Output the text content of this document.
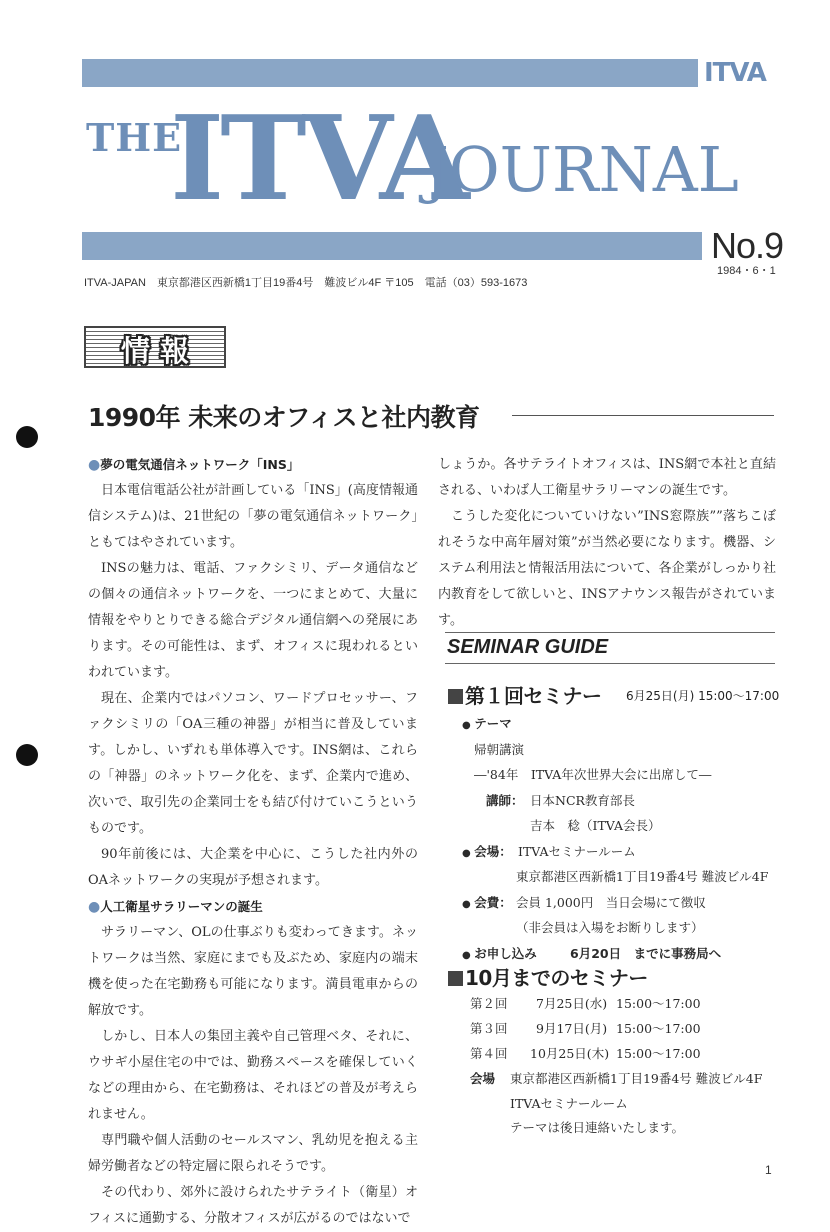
ITVA
THE
ITVA
JOURNAL
No.9
1984・6・1
ITVA-JAPAN　東京都港区西新橋1丁目19番4号　難波ビル4F 〒105　電話（03）593-1673
情報
1990年 未来のオフィスと社内教育
●夢の電気通信ネットワーク「INS」

日本電信電話公社が計画している「INS」(高度情報通信システム)は、21世紀の「夢の電気通信ネットワーク」ともてはやされています。

INSの魅力は、電話、ファクシミリ、データ通信などの個々の通信ネットワークを、一つにまとめて、大量に情報をやりとりできる総合デジタル通信網への発展にあります。その可能性は、まず、オフィスに現われるといわれています。

現在、企業内ではパソコン、ワードプロセッサー、ファクシミリの「OA三種の神器」が相当に普及しています。しかし、いずれも単体導入です。INS網は、これらの「神器」のネットワーク化を、まず、企業内で進め、次いで、取引先の企業同士をも結び付けていこうというものです。

90年前後には、大企業を中心に、こうした社内外のOAネットワークの実現が予想されます。

●人工衛星サラリーマンの誕生

サラリーマン、OLの仕事ぶりも変わってきます。ネットワークは当然、家庭にまでも及ぶため、家庭内の端末機を使った在宅勤務も可能になります。満員電車からの解放です。

しかし、日本人の集団主義や自己管理ベタ、それに、ウサギ小屋住宅の中では、勤務スペースを確保していくなどの理由から、在宅勤務は、それほどの普及が考えられません。

専門職や個人活動のセールスマン、乳幼児を抱える主婦労働者などの特定層に限られそうです。

その代わり、郊外に設けられたサテライト（衛星）オフィスに通勤する、分散オフィスが広がるのではないで

しょうか。各サテライトオフィスは、INS網で本社と直結される、いわば人工衛星サラリーマンの誕生です。

こうした変化についていけない”INS窓際族””落ちこぼれそうな中高年層対策”が当然必要になります。機器、システム利用法と情報活用法について、各企業がしっかり社内教育をして欲しいと、INSアナウンス報告がされています。

SEMINAR GUIDE
第１回セミナー 6月25日(月) 15:00～17:00
● テーマ
帰朝講演
―'84年　ITVA年次世界大会に出席して―
講師： 日本NCR教育部長
吉本　稔（ITVA会長）
● 会場： ITVAセミナールーム
東京都港区西新橋1丁目19番4号 難波ビル4F
● 会費： 会員 1,000円　当日会場にて徴収
（非会員は入場をお断りします）
● お申し込み	6月20日　までに事務局へ
10月までのセミナー
第２回 7月25日(水) 15:00～17:00
第３回 9月17日(月) 15:00～17:00
第４回 10月25日(木) 15:00～17:00
会場 東京都港区西新橋1丁目19番4号 難波ビル4F
ITVAセミナールーム
テーマは後日連絡いたします。
1
